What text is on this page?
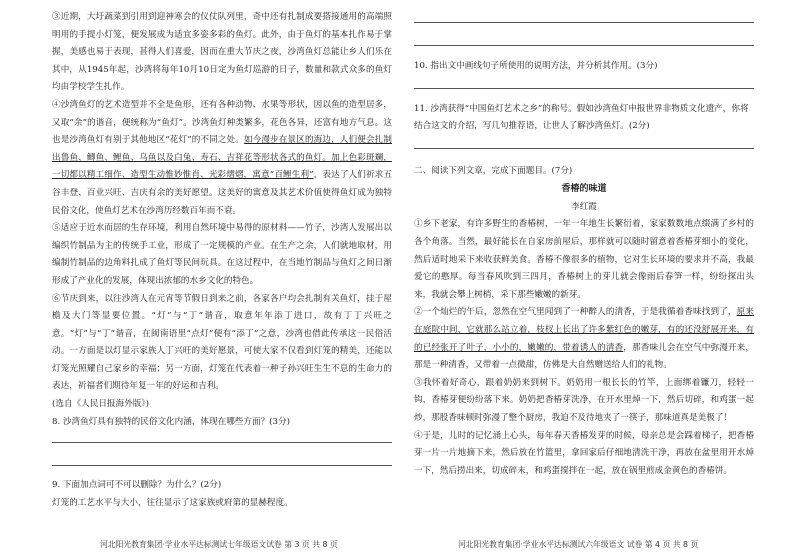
③近期，大圩蔬菜到引用到迎神寒会的仪仗队列里，奇中还有扎制成要搭接通用的高端照明用的手提小灯笼，便发展成为适宜多姿多彩的鱼灯。此外，由于鱼灯的基本扎作易于掌握，美感也易于表现，甚得人们喜爱，因而在重大节庆之夜，沙湾鱼灯总能让乡人们乐在其中，从1945年起，沙湾将每年10月10日定为鱼灯巡游的日子，数量和款式众多的鱼灯均由学校学生扎作。

④沙湾鱼灯的艺术造型并不全是鱼形，还有各种动物、水果等形状，因以鱼的造型居多，又取“余”的谐音，便统称为“鱼灯”。沙湾鱼灯种类繁多，花色各异，还富有地方气息。这也是沙湾鱼灯有别于其他地区“花灯”的不同之处。如今漫步在景区的海边，人们便会扎制出鲁鱼、鲫鱼、鲤鱼、乌鱼以及白兔、寿石、吉祥花等形状各式的鱼灯。加上色彩斑斓，一切都以精工细作、造型生动惟妙惟肖、光彩熠熠，寓意“百鲤生利”，表达了人们祈求五谷丰登、百业兴旺、吉庆有余的美好愿望。这美好的寓意及其艺术价值使得鱼灯成为独特民俗文化，使鱼灯艺术在沙湾历经数百年而不衰。

⑤适应于近水而居的生存环境，利用自然环境中易得的原材料——竹子，沙湾人发展出以编织竹制品为主的传统手工业，形成了一定规模的产业。在生产之余，人们就地取材，用编制竹制品的边角料扎成了鱼灯等民间玩具。在这过程中，在当地竹制品与鱼灯之间日渐形成了产业化的发展，体现出浓郁的水乡文化的特色。

⑥节庆到来，以往沙湾人在元宵等节假日到来之前，各家各户均会扎制有关鱼灯，挂于屋檐及大门等显要位置。“灯”与“丁”谐音，取意年年添丁进口，故有丁丁兴旺之意。“灯”与“丁”谐音，在闽南语里“点灯”便有“添丁”之意，沙湾也借此传承这一民俗活动。一方面是以灯显示家族人丁兴旺的美好愿景，可使大家不仅看到灯笼的精美，还能以灯笼光照耀自己家乡的幸福；另一方面，灯笼在代表着一种子孙兴旺生生不息的生命力的表达，祈福者们期待年复一年的好运和吉利。

(选自《人民日报海外版》)

8. 沙湾鱼灯具有独特的民俗文化内涵，体现在哪些方面？(3分)

9. 下面加点词可不可以删除？为什么？(2分)

灯笼的工艺水平与大小，往往显示了这家族或府第的显赫程度。

10. 指出文中画线句子所使用的说明方法，并分析其作用。(3分)

11. 沙湾获得“中国鱼灯艺术之乡”的称号。假如沙湾鱼灯申报世界非物质文化遗产，你将结合这文的介绍，写几句推荐语，让世人了解沙湾鱼灯。(2分)

二、阅读下列文章，完成下面题目。(7分)

香椿的味道

李红霞

①乡下老家，有许多野生的香椿树，一年一年地生长繁衍着，家家数数地点缀满了乡村的各个角落。当然，最好能长在自家房前屋后，那样就可以随时留意着香椿芽细小的变化，然后适时地采下来收获鲜美食。香椿不像很多的植物，它对生长环境的要求并不高，我最爱它的憨厚。每当春风吹到三四月，香椿树上的芽儿就会像雨后春笋一样，纷纷探出头来，我就会攀上树梢，采下那些嫩嫩的新芽。

②一个灿烂的午后，忽然在空气里闻到了一种醉人的清香，于是我循着香味找到了，原来在庭院中间，它就那么站立着，枝杈上长出了许多紫红色的嫩芽，有的还没舒展开来，有的已经张开了叶子，小小的，嫩嫩的，带着诱人的清香，那香味儿会在空气中弥漫开来，那是一种清香，又带着一点微甜，仿佛是大自然赠送给人们的礼物。

③我怀着好奇心，跟着奶奶来到树下。奶奶用一根长长的竹竿，上面绑着镰刀，轻轻一钩，香椿芽便纷纷落下来。奶奶把香椿芽洗净，在开水里焯一下，然后切碎，和鸡蛋一起炒，那股香味顿时弥漫了整个厨房，我迫不及待地夹了一筷子，那味道真是美极了！

④于是，儿时的记忆涌上心头，每年春天香椿发芽的时候，母亲总是会踩着梯子，把香椿芽一片一片地摘下来，然后放在竹篮里，拿回家后仔细地清洗干净，再放在盆里用开水焯一下，然后捞出来，切成碎末，和鸡蛋搅拌在一起，放在锅里煎成金黄色的香椿饼。

河北阳光教育集团·学业水平达标测试七年级语文试卷 第 3 页 共 8 页	河北阳光教育集团·学业水平达标测试六年级语文 试卷 第 4 页 共 8 页
